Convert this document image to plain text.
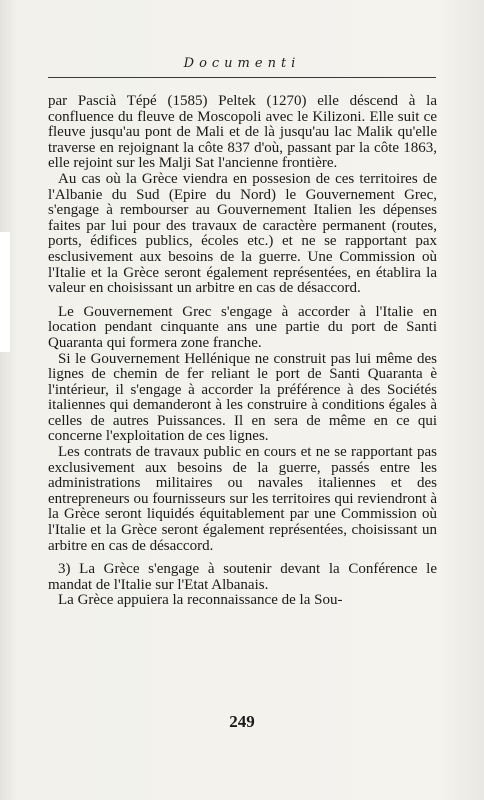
Documenti

par Pascià Tépé (1585) Peltek (1270) elle déscend à la confluence du fleuve de Moscopoli avec le Kilizoni. Elle suit ce fleuve jusqu'au pont de Mali et de là jusqu'au lac Malik qu'elle traverse en rejoignant la côte 837 d'où, passant par la côte 1863, elle rejoint sur les Malji Sat l'ancienne frontière.

Au cas où la Grèce viendra en possesion de ces territoires de l'Albanie du Sud (Epire du Nord) le Gouvernement Grec, s'engage à rembourser au Gouvernement Italien les dépenses faites par lui pour des travaux de caractère permanent (routes, ports, édifices publics, écoles etc.) et ne se rapportant pax esclusivement aux besoins de la guerre. Une Commission où l'Italie et la Grèce seront également représentées, en établira la valeur en choisissant un arbitre en cas de désaccord.

Le Gouvernement Grec s'engage à accorder à l'Italie en location pendant cinquante ans une partie du port de Santi Quaranta qui formera zone franche.

Si le Gouvernement Hellénique ne construit pas lui même des lignes de chemin de fer reliant le port de Santi Quaranta è l'intérieur, il s'engage à accorder la préférence à des Sociétés italiennes qui demanderont à les construire à conditions égales à celles de autres Puissances. Il en sera de même en ce qui concerne l'exploitation de ces lignes.

Les contrats de travaux public en cours et ne se rapportant pas exclusivement aux besoins de la guerre, passés entre les administrations militaires ou navales italiennes et des entrepreneurs ou fournisseurs sur les territoires qui reviendront à la Grèce seront liquidés équitablement par une Commission où l'Italie et la Grèce seront également représentées, choisissant un arbitre en cas de désaccord.

3) La Grèce s'engage à soutenir devant la Conférence le mandat de l'Italie sur l'Etat Albanais.

La Grèce appuiera la reconnaissance de la Sou-

249
